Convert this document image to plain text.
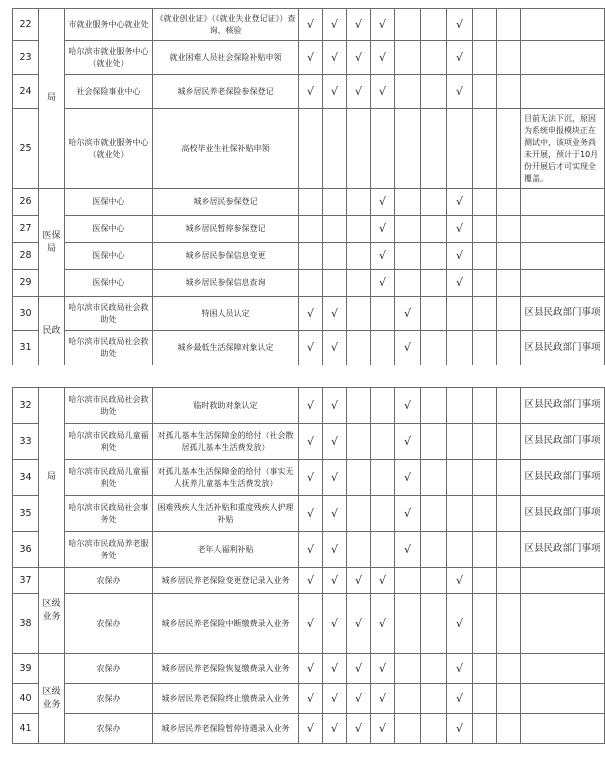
22	局	市就业服务中心就业处	《就业创业证》（《就业失业登记证》）查询、核验	√	√	√	√			√			
23		哈尔滨市就业服务中心（就业处）	就业困难人员社会保险补贴申领	√	√	√	√			√			
24		社会保险事业中心	城乡居民养老保险参保登记	√	√	√	√			√			
25		哈尔滨市就业服务中心（就业处）	高校毕业生社保补贴申领										目前无法下沉，原因为系统申报模块正在测试中，该项业务尚未开展，预计于10月份开展后才可实现全覆盖。
26	医保局	医保中心	城乡居民参保登记				√			√			
27		医保中心	城乡居民暂停参保登记				√			√			
28		医保中心	城乡居民参保信息变更				√			√			
29		医保中心	城乡居民参保信息查询				√			√			
30	民政	哈尔滨市民政局社会救助处	特困人员认定	√	√			√					区县民政部门事项
31		哈尔滨市民政局社会救助处	城乡最低生活保障对象认定	√	√			√					区县民政部门事项
32	局	哈尔滨市民政局社会救助处	临时救助对象认定	√	√			√					区县民政部门事项
33		哈尔滨市民政局儿童福利处	对孤儿基本生活保障金的给付（社会散居孤儿基本生活费发放）	√	√			√					区县民政部门事项
34		哈尔滨市民政局儿童福利处	对孤儿基本生活保障金的给付（事实无人抚养儿童基本生活费发放）	√	√			√					区县民政部门事项
35		哈尔滨市民政局社会事务处	困难残疾人生活补贴和重度残疾人护理补贴	√	√			√					区县民政部门事项
36		哈尔滨市民政局养老服务处	老年人福利补贴	√	√			√					区县民政部门事项
37	区级业务	农保办	城乡居民养老保险变更登记录入业务	√	√	√	√			√			
38		农保办	城乡居民养老保险中断缴费录入业务	√	√	√	√			√			
39	区级业务	农保办	城乡居民养老保险恢复缴费录入业务	√	√	√	√			√			
40		农保办	城乡居民养老保险终止缴费录入业务	√	√	√	√			√			
41		农保办	城乡居民养老保险暂停待遇录入业务	√	√	√	√			√			
